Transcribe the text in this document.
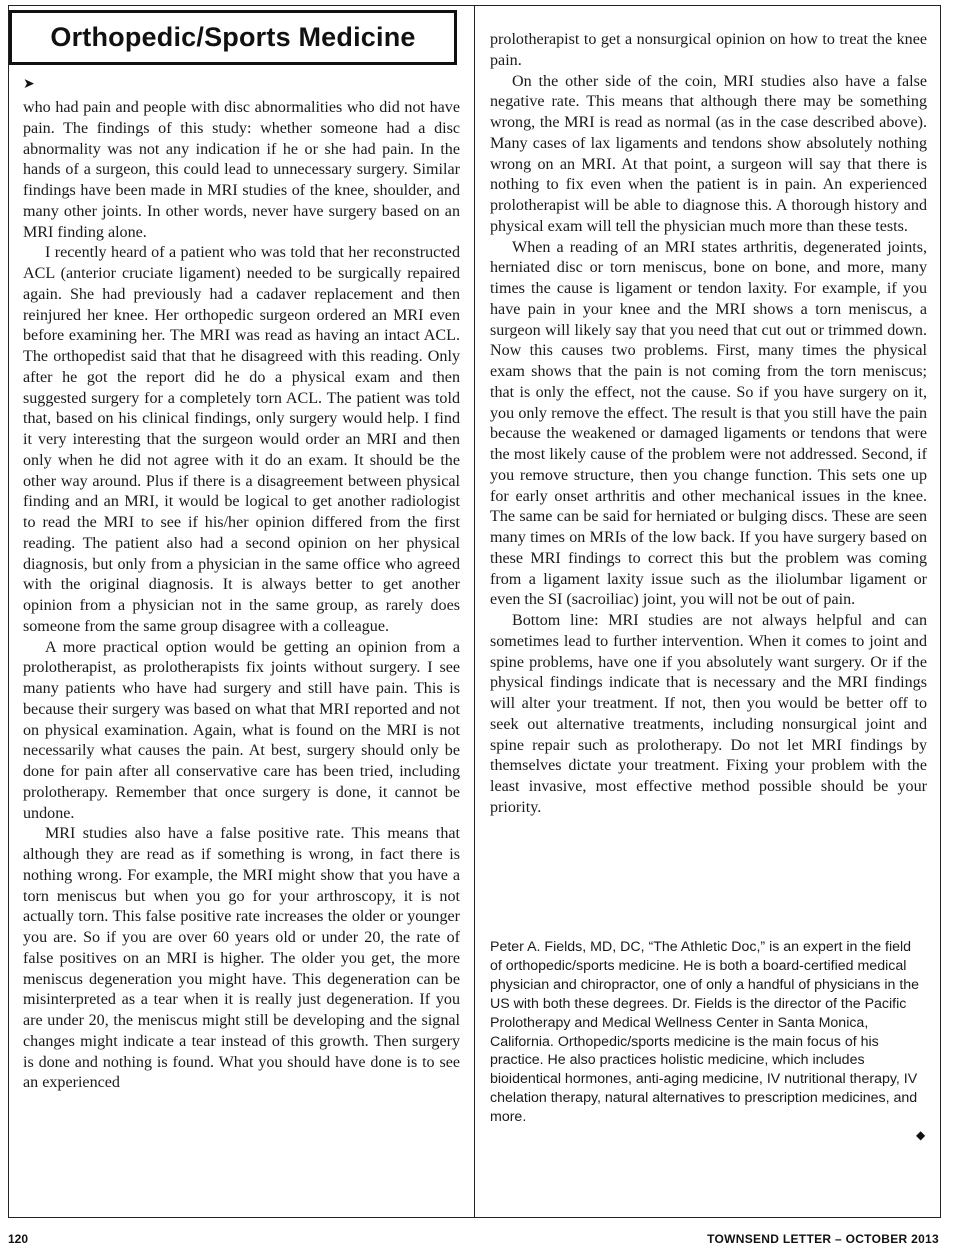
Orthopedic/Sports Medicine
➤

who had pain and people with disc abnormalities who did not have pain. The findings of this study: whether someone had a disc abnormality was not any indication if he or she had pain. In the hands of a surgeon, this could lead to unnecessary surgery. Similar findings have been made in MRI studies of the knee, shoulder, and many other joints. In other words, never have surgery based on an MRI finding alone.

I recently heard of a patient who was told that her reconstructed ACL (anterior cruciate ligament) needed to be surgically repaired again. She had previously had a cadaver replacement and then reinjured her knee. Her orthopedic surgeon ordered an MRI even before examining her. The MRI was read as having an intact ACL. The orthopedist said that that he disagreed with this reading. Only after he got the report did he do a physical exam and then suggested surgery for a completely torn ACL. The patient was told that, based on his clinical findings, only surgery would help. I find it very interesting that the surgeon would order an MRI and then only when he did not agree with it do an exam. It should be the other way around. Plus if there is a disagreement between physical finding and an MRI, it would be logical to get another radiologist to read the MRI to see if his/her opinion differed from the first reading. The patient also had a second opinion on her physical diagnosis, but only from a physician in the same office who agreed with the original diagnosis. It is always better to get another opinion from a physician not in the same group, as rarely does someone from the same group disagree with a colleague.

A more practical option would be getting an opinion from a prolotherapist, as prolotherapists fix joints without surgery. I see many patients who have had surgery and still have pain. This is because their surgery was based on what that MRI reported and not on physical examination. Again, what is found on the MRI is not necessarily what causes the pain. At best, surgery should only be done for pain after all conservative care has been tried, including prolotherapy. Remember that once surgery is done, it cannot be undone.

MRI studies also have a false positive rate. This means that although they are read as if something is wrong, in fact there is nothing wrong. For example, the MRI might show that you have a torn meniscus but when you go for your arthroscopy, it is not actually torn. This false positive rate increases the older or younger you are. So if you are over 60 years old or under 20, the rate of false positives on an MRI is higher. The older you get, the more meniscus degeneration you might have. This degeneration can be misinterpreted as a tear when it is really just degeneration. If you are under 20, the meniscus might still be developing and the signal changes might indicate a tear instead of this growth. Then surgery is done and nothing is found. What you should have done is to see an experienced

prolotherapist to get a nonsurgical opinion on how to treat the knee pain.

On the other side of the coin, MRI studies also have a false negative rate. This means that although there may be something wrong, the MRI is read as normal (as in the case described above). Many cases of lax ligaments and tendons show absolutely nothing wrong on an MRI. At that point, a surgeon will say that there is nothing to fix even when the patient is in pain. An experienced prolotherapist will be able to diagnose this. A thorough history and physical exam will tell the physician much more than these tests.

When a reading of an MRI states arthritis, degenerated joints, herniated disc or torn meniscus, bone on bone, and more, many times the cause is ligament or tendon laxity. For example, if you have pain in your knee and the MRI shows a torn meniscus, a surgeon will likely say that you need that cut out or trimmed down. Now this causes two problems. First, many times the physical exam shows that the pain is not coming from the torn meniscus; that is only the effect, not the cause. So if you have surgery on it, you only remove the effect. The result is that you still have the pain because the weakened or damaged ligaments or tendons that were the most likely cause of the problem were not addressed. Second, if you remove structure, then you change function. This sets one up for early onset arthritis and other mechanical issues in the knee. The same can be said for herniated or bulging discs. These are seen many times on MRIs of the low back. If you have surgery based on these MRI findings to correct this but the problem was coming from a ligament laxity issue such as the iliolumbar ligament or even the SI (sacroiliac) joint, you will not be out of pain.

Bottom line: MRI studies are not always helpful and can sometimes lead to further intervention. When it comes to joint and spine problems, have one if you absolutely want surgery. Or if the physical findings indicate that is necessary and the MRI findings will alter your treatment. If not, then you would be better off to seek out alternative treatments, including nonsurgical joint and spine repair such as prolotherapy. Do not let MRI findings by themselves dictate your treatment. Fixing your problem with the least invasive, most effective method possible should be your priority.

Peter A. Fields, MD, DC, “The Athletic Doc,” is an expert in the field of orthopedic/sports medicine. He is both a board-certified medical physician and chiropractor, one of only a handful of physicians in the US with both these degrees. Dr. Fields is the director of the Pacific Prolotherapy and Medical Wellness Center in Santa Monica, California. Orthopedic/sports medicine is the main focus of his practice. He also practices holistic medicine, which includes bioidentical hormones, anti-aging medicine, IV nutritional therapy, IV chelation therapy, natural alternatives to prescription medicines, and more.
◆
120	TOWNSEND LETTER – OCTOBER 2013
